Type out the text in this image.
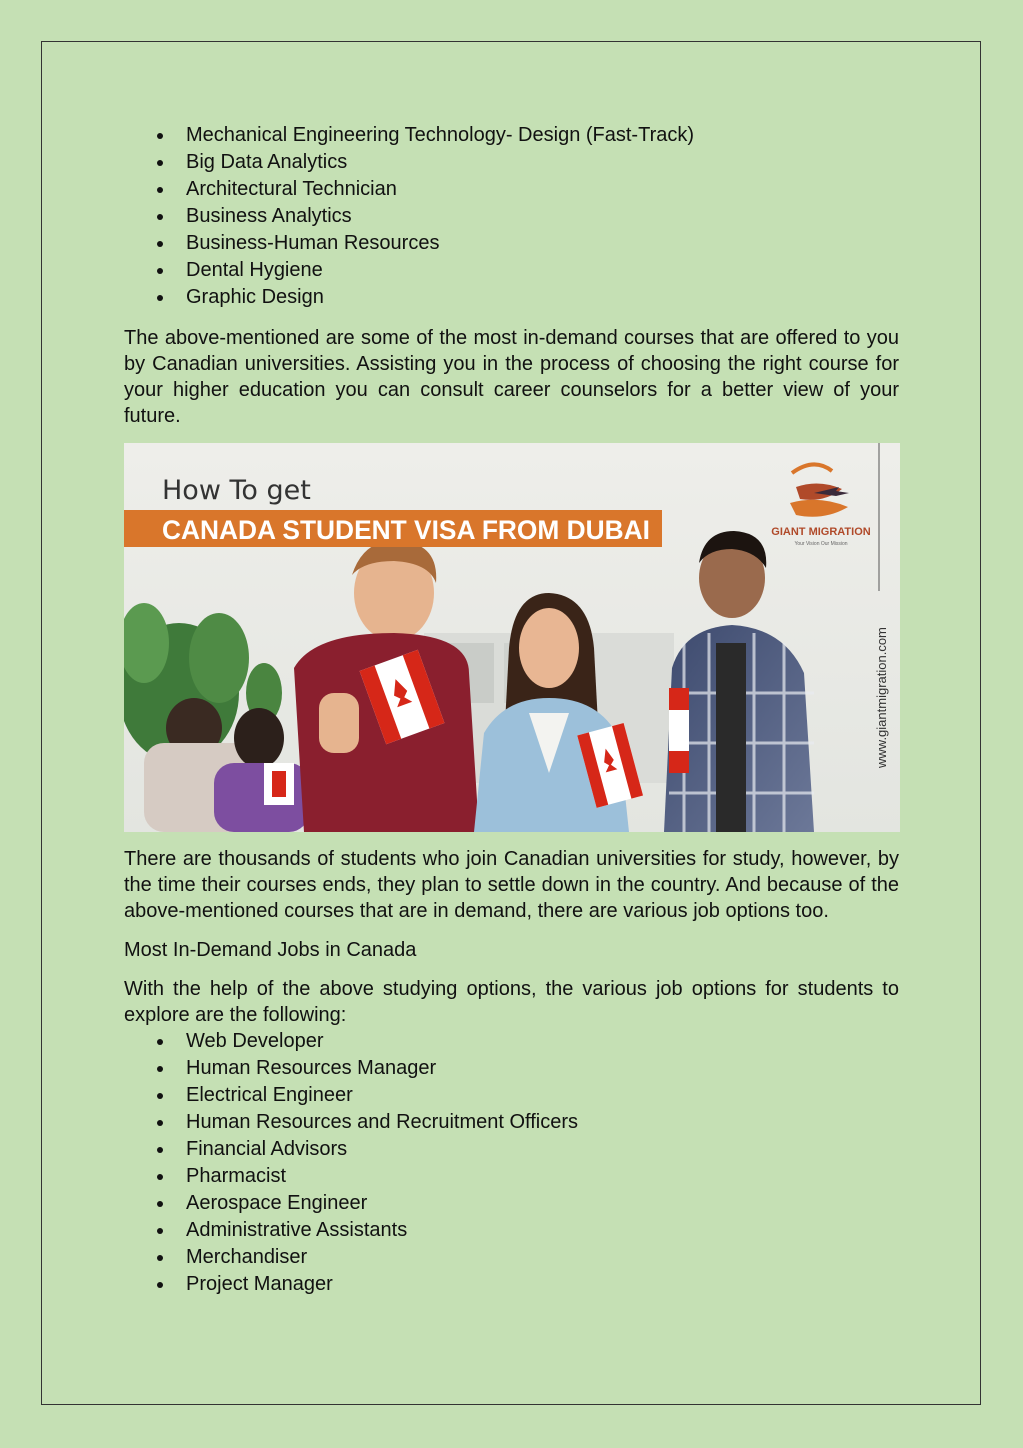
Mechanical Engineering Technology- Design (Fast-Track)
Big Data Analytics
Architectural Technician
Business Analytics
Business-Human Resources
Dental Hygiene
Graphic Design

The above-mentioned are some of the most in-demand courses that are offered to you by Canadian universities. Assisting you in the process of choosing the right course for your higher education you can consult career counselors for a better view of your future.

How To get
CANADA STUDENT VISA FROM DUBAI	GIANT MIGRATION
Your Vision Our Mission
www.giantmigration.com

There are thousands of students who join Canadian universities for study, however, by the time their courses ends, they plan to settle down in the country. And because of the above-mentioned courses that are in demand, there are various job options too.

Most In-Demand Jobs in Canada

With the help of the above studying options, the various job options for students to explore are the following:

Web Developer
Human Resources Manager
Electrical Engineer
Human Resources and Recruitment Officers
Financial Advisors
Pharmacist
Aerospace Engineer
Administrative Assistants
Merchandiser
Project Manager
